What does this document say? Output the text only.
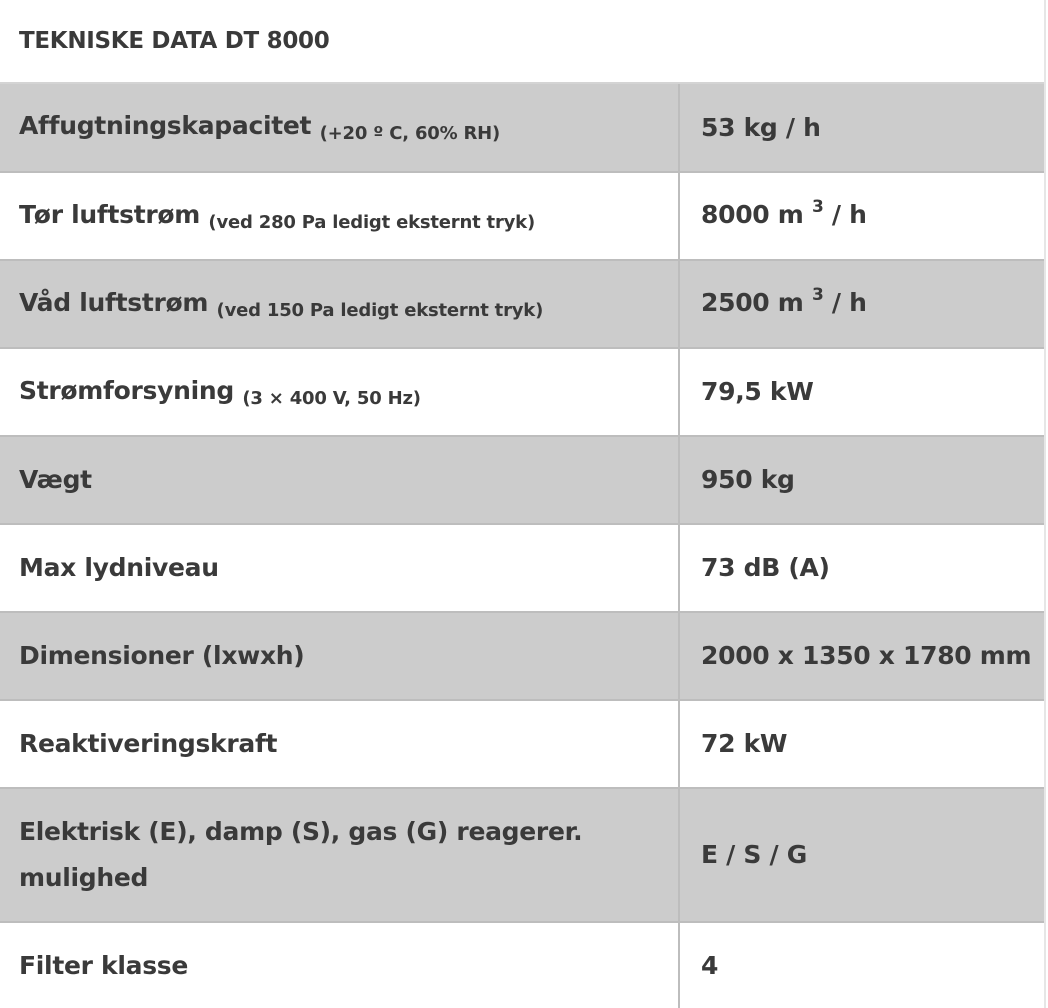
TEKNISKE DATA DT 8000
Affugtningskapacitet $_{(+20 º C, 60\% RH)}$	53 kg / h
Tør luftstrøm $_{(ved 280 Pa ledigt eksternt tryk)}$	8000 m $^3$ / h
Våd luftstrøm $_{(ved 150 Pa ledigt eksternt tryk)}$	2500 m $^3$ / h
Strømforsyning $_{(3 \times 400 V, 50 Hz)}$	79,5 kW
Vægt	950 kg
Max lydniveau	73 dB (A)
Dimensioner (lxwxh)	2000 x 1350 x 1780 mm
Reaktiveringskraft	72 kW
Elektrisk (E), damp (S), gas (G) reagerer. mulighed	E / S / G
Filter klasse	4
